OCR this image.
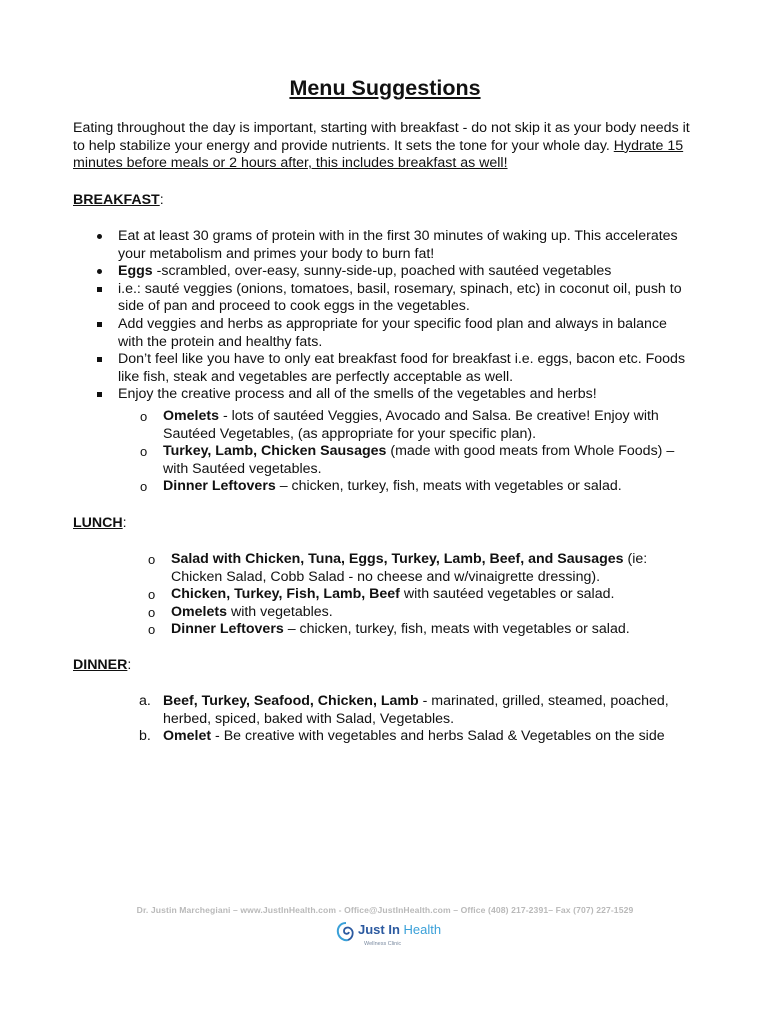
Menu Suggestions
Eating throughout the day is important, starting with breakfast - do not skip it as your body needs it to help stabilize your energy and provide nutrients. It sets the tone for your whole day. Hydrate 15 minutes before meals or 2 hours after, this includes breakfast as well!
BREAKFAST:
Eat at least 30 grams of protein with in the first 30 minutes of waking up. This accelerates your metabolism and primes your body to burn fat!
Eggs -scrambled, over-easy, sunny-side-up, poached with sautéed vegetables
i.e.: sauté veggies (onions, tomatoes, basil, rosemary, spinach, etc) in coconut oil, push to side of pan and proceed to cook eggs in the vegetables.
Add veggies and herbs as appropriate for your specific food plan and always in balance with the protein and healthy fats.
Don’t feel like you have to only eat breakfast food for breakfast i.e. eggs, bacon etc. Foods like fish, steak and vegetables are perfectly acceptable as well.
Enjoy the creative process and all of the smells of the vegetables and herbs!
o Omelets - lots of sautéed Veggies, Avocado and Salsa. Be creative! Enjoy with Sautéed Vegetables, (as appropriate for your specific plan).
o Turkey, Lamb, Chicken Sausages (made with good meats from Whole Foods) – with Sautéed vegetables.
o Dinner Leftovers – chicken, turkey, fish, meats with vegetables or salad.
LUNCH:
o Salad with Chicken, Tuna, Eggs, Turkey, Lamb, Beef, and Sausages (ie: Chicken Salad, Cobb Salad - no cheese and w/vinaigrette dressing).
o Chicken, Turkey, Fish, Lamb, Beef with sautéed vegetables or salad.
o Omelets with vegetables.
o Dinner Leftovers – chicken, turkey, fish, meats with vegetables or salad.
DINNER:
a. Beef, Turkey, Seafood, Chicken, Lamb - marinated, grilled, steamed, poached, herbed, spiced, baked with Salad, Vegetables.
b. Omelet - Be creative with vegetables and herbs Salad & Vegetables on the side
Dr. Justin Marchegiani – www.JustInHealth.com - Office@JustInHealth.com – Office (408) 217-2391– Fax (707) 227-1529
Just In Health
Wellness Clinic
